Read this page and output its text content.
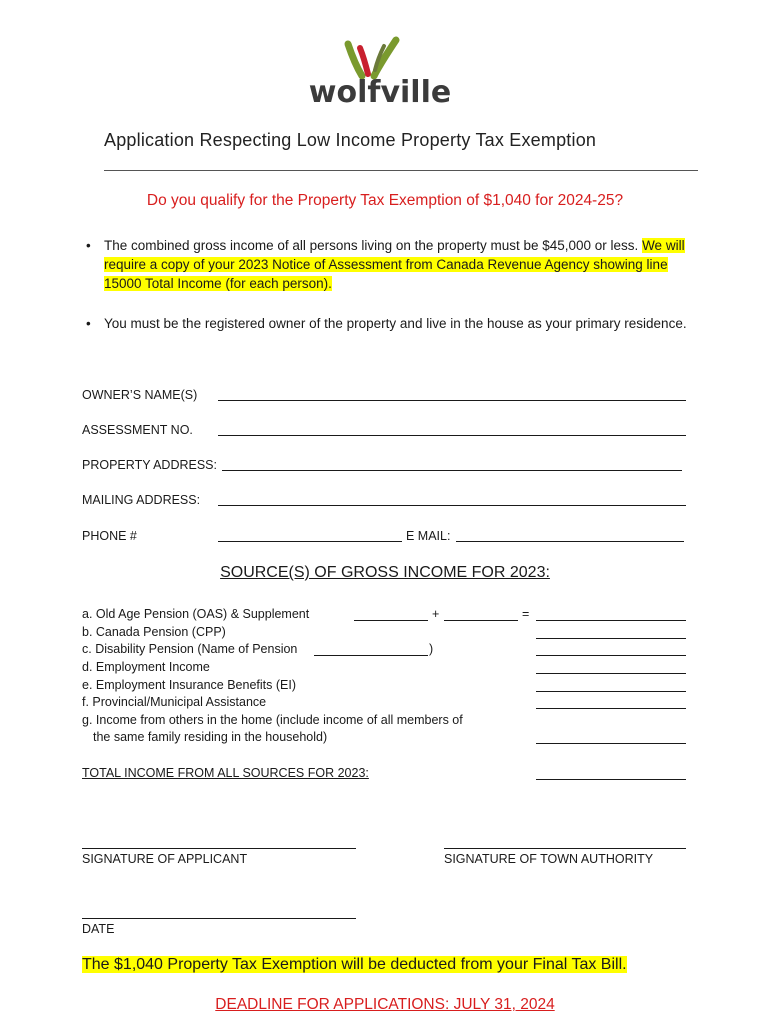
wolfville
Application Respecting Low Income Property Tax Exemption
Do you qualify for the Property Tax Exemption of $1,040 for 2024-25?
• The combined gross income of all persons living on the property must be $45,000 or less. We will require a copy of your 2023 Notice of Assessment from Canada Revenue Agency showing line 15000 Total Income (for each person).
• You must be the registered owner of the property and live in the house as your primary residence.
OWNER’S NAME(S)
ASSESSMENT NO.
PROPERTY ADDRESS:
MAILING ADDRESS:
PHONE #	E MAIL:
SOURCE(S) OF GROSS INCOME FOR 2023:
a. Old Age Pension (OAS) & Supplement	+	=
b. Canada Pension (CPP)
c. Disability Pension (Name of Pension	)
d. Employment Income
e. Employment Insurance Benefits (EI)
f. Provincial/Municipal Assistance
g. Income from others in the home (include income of all members of
the same family residing in the household)
TOTAL INCOME FROM ALL SOURCES FOR 2023:
SIGNATURE OF APPLICANT	SIGNATURE OF TOWN AUTHORITY
DATE
The $1,040 Property Tax Exemption will be deducted from your Final Tax Bill.
DEADLINE FOR APPLICATIONS: JULY 31, 2024
